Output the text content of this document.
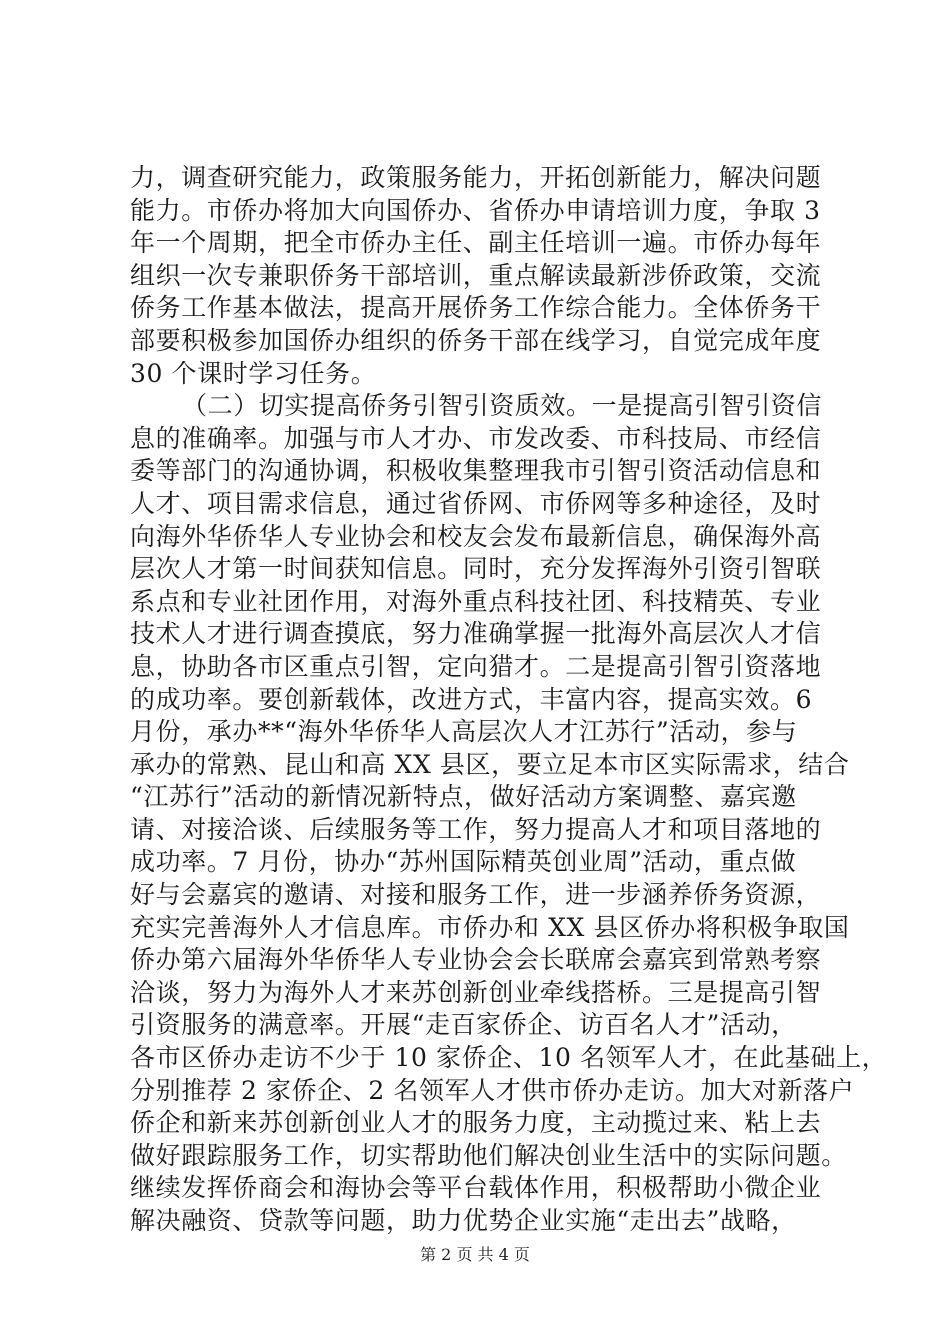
力，调查研究能力，政策服务能力，开拓创新能力，解决问题
能力。市侨办将加大向国侨办、省侨办申请培训力度，争取 3
年一个周期，把全市侨办主任、副主任培训一遍。市侨办每年
组织一次专兼职侨务干部培训，重点解读最新涉侨政策，交流
侨务工作基本做法，提高开展侨务工作综合能力。全体侨务干
部要积极参加国侨办组织的侨务干部在线学习，自觉完成年度
30 个课时学习任务。
（二）切实提高侨务引智引资质效。一是提高引智引资信
息的准确率。加强与市人才办、市发改委、市科技局、市经信
委等部门的沟通协调，积极收集整理我市引智引资活动信息和
人才、项目需求信息，通过省侨网、市侨网等多种途径，及时
向海外华侨华人专业协会和校友会发布最新信息，确保海外高
层次人才第一时间获知信息。同时，充分发挥海外引资引智联
系点和专业社团作用，对海外重点科技社团、科技精英、专业
技术人才进行调查摸底，努力准确掌握一批海外高层次人才信
息，协助各市区重点引智，定向猎才。二是提高引智引资落地
的成功率。要创新载体，改进方式，丰富内容，提高实效。6
月份，承办**“海外华侨华人高层次人才江苏行”活动，参与
承办的常熟、昆山和高 XX 县区，要立足本市区实际需求，结合
“江苏行”活动的新情况新特点，做好活动方案调整、嘉宾邀
请、对接洽谈、后续服务等工作，努力提高人才和项目落地的
成功率。7 月份，协办“苏州国际精英创业周”活动，重点做
好与会嘉宾的邀请、对接和服务工作，进一步涵养侨务资源，
充实完善海外人才信息库。市侨办和 XX 县区侨办将积极争取国
侨办第六届海外华侨华人专业协会会长联席会嘉宾到常熟考察
洽谈，努力为海外人才来苏创新创业牵线搭桥。三是提高引智
引资服务的满意率。开展“走百家侨企、访百名人才”活动，
各市区侨办走访不少于 10 家侨企、10 名领军人才，在此基础上，
分别推荐 2 家侨企、2 名领军人才供市侨办走访。加大对新落户
侨企和新来苏创新创业人才的服务力度，主动揽过来、粘上去
做好跟踪服务工作，切实帮助他们解决创业生活中的实际问题。
继续发挥侨商会和海协会等平台载体作用，积极帮助小微企业
解决融资、贷款等问题，助力优势企业实施“走出去”战略，
第 2 页 共 4 页
